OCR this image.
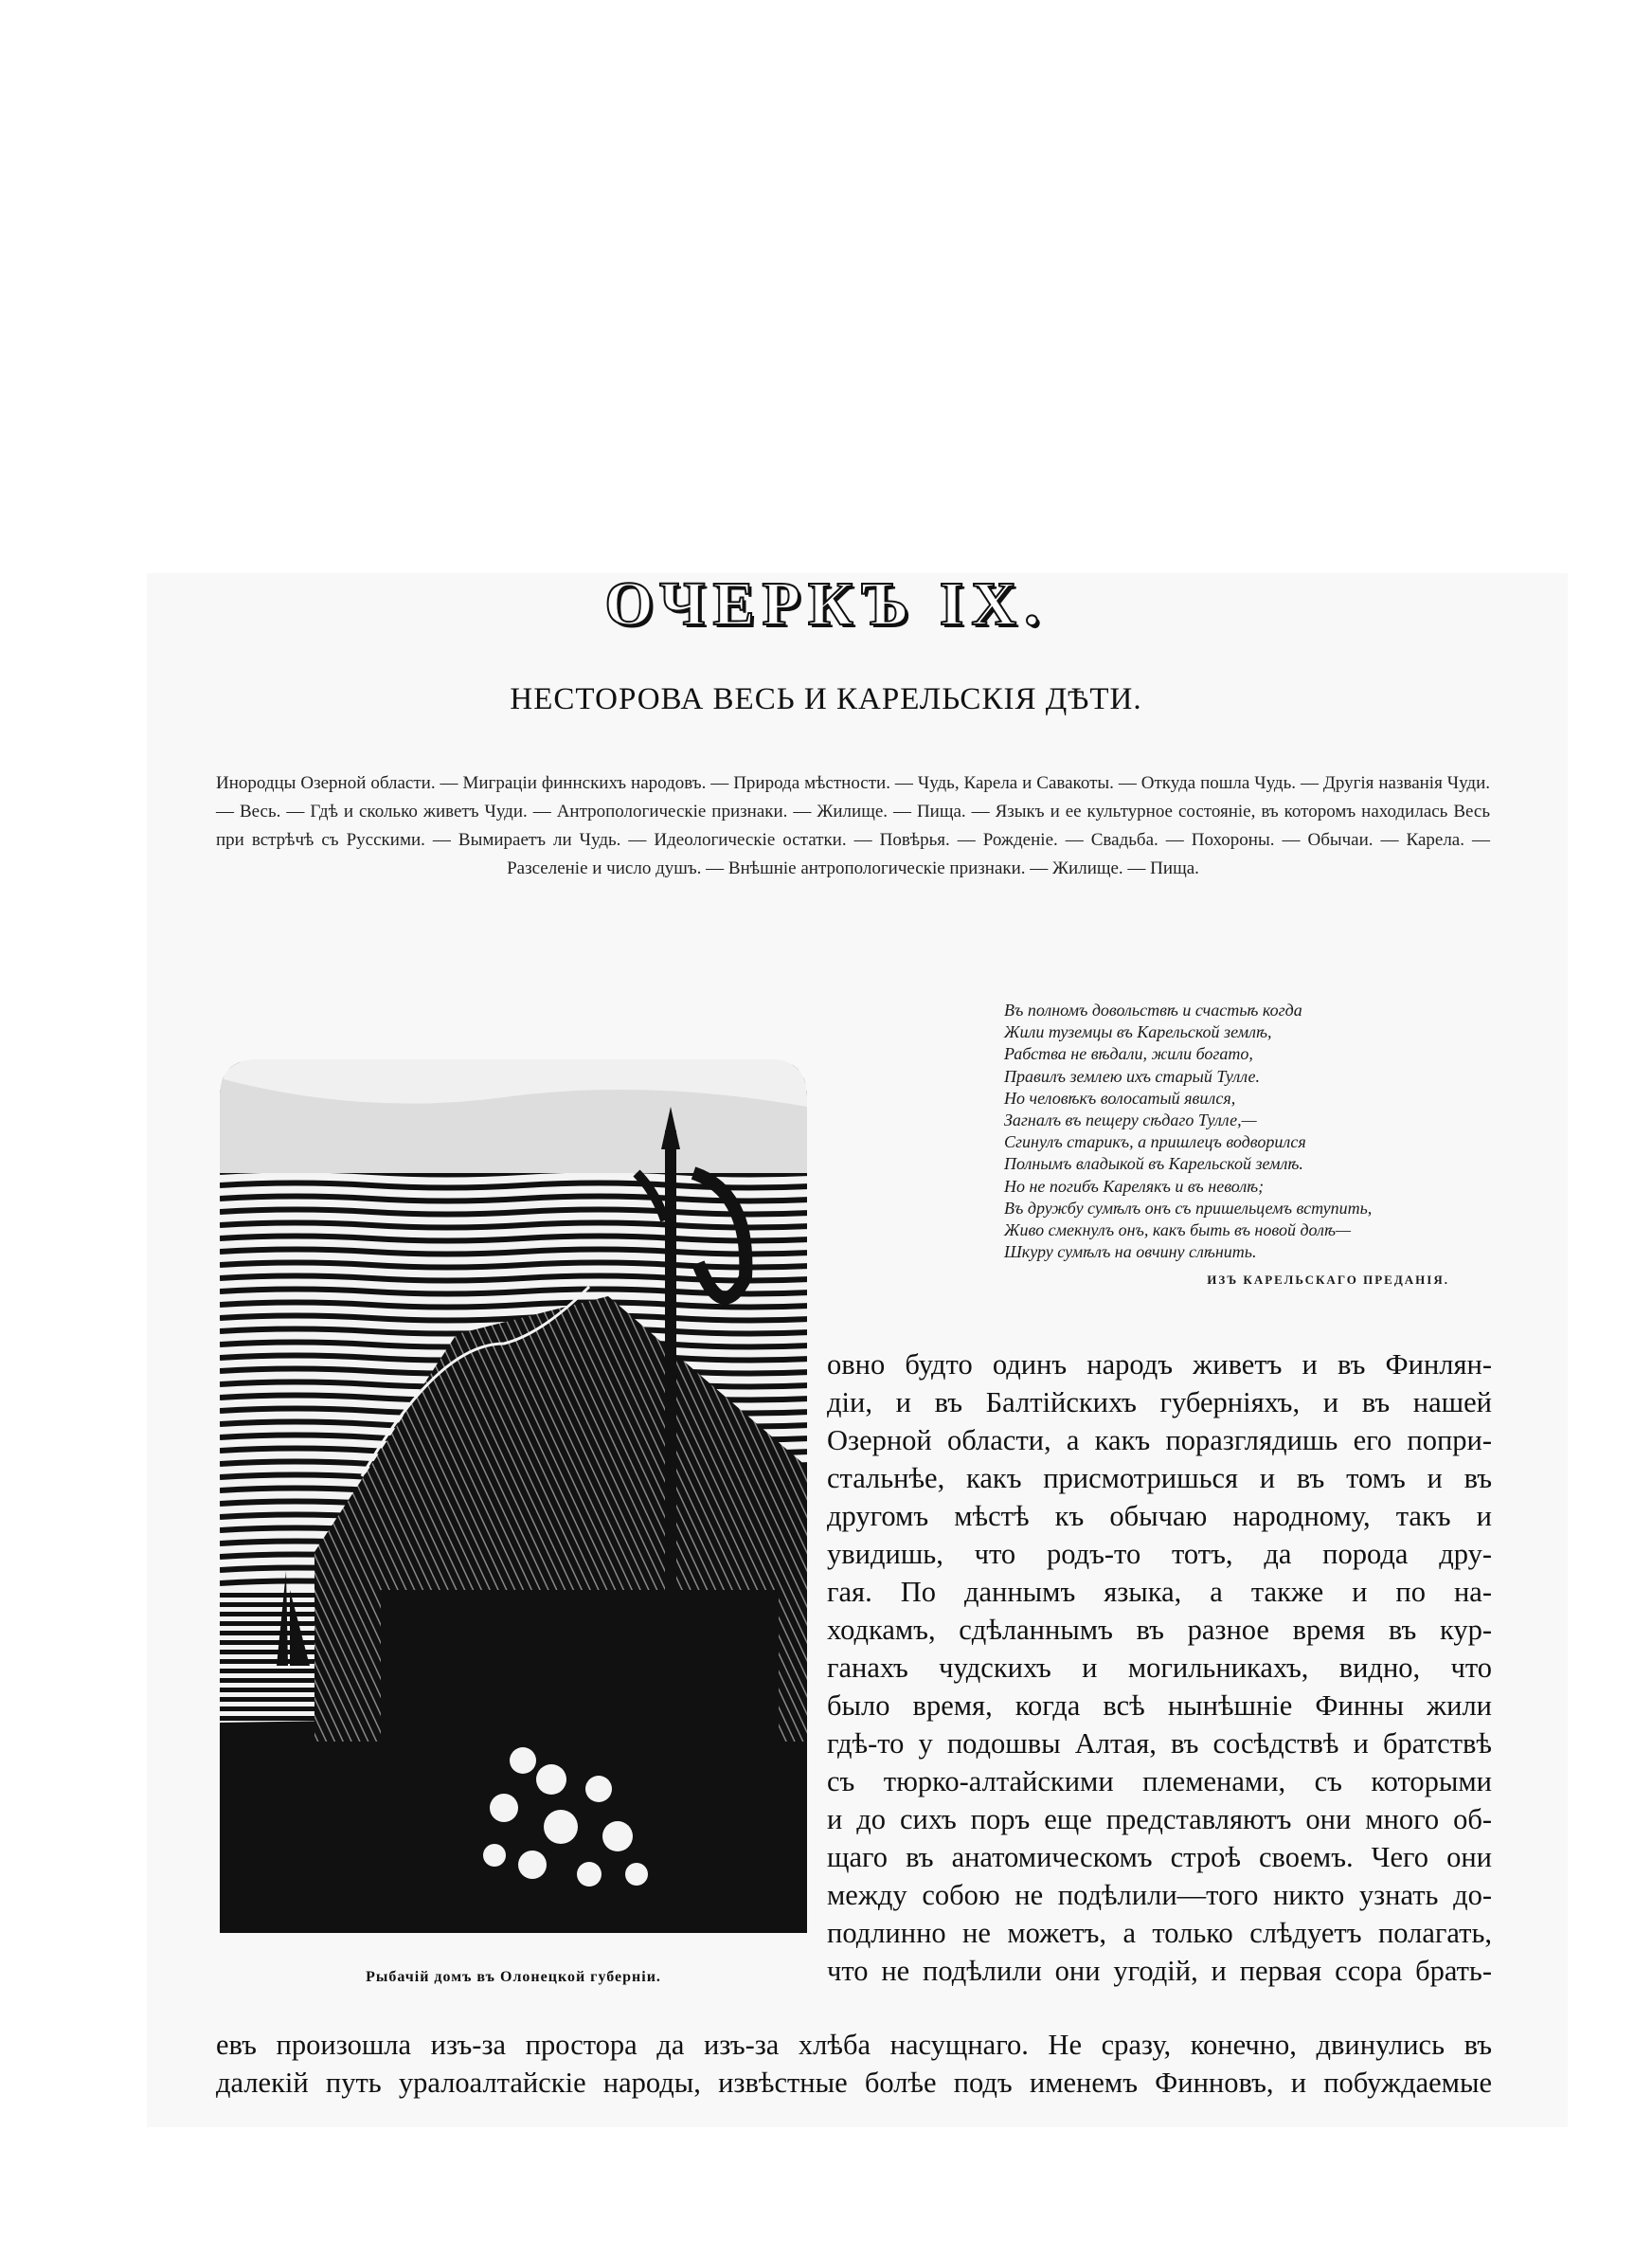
ОЧЕРКЪ IX.
НЕСТОРОВА ВЕСЬ И КАРЕЛЬСКІЯ ДѢТИ.
Инородцы Озерной области. — Миграціи финнскихъ народовъ. — Природа мѣстности. — Чудь, Карела и Савакоты. — Откуда пошла Чудь. — Другія названія Чуди. — Весь. — Гдѣ и сколько живетъ Чуди. — Антропологическіе признаки. — Жилище. — Пища. — Языкъ и ее культурное состояніе, въ которомъ находилась Весь при встрѣчѣ съ Русскими. — Вымираетъ ли Чудь. — Идеологическіе остатки. — Повѣрья. — Рожденіе. — Свадьба. — Похороны. — Обычаи. — Карела. — Разселеніе и число душъ. — Внѣшніе антропологическіе признаки. — Жилище. — Пища.
Въ полномъ довольствѣ и счастьѣ когда
Жили туземцы въ Карельской землѣ,
Рабства не вѣдали, жили богато,
Правилъ землею ихъ старый Тулле.
Но человѣкъ волосатый явился,
Загналъ въ пещеру сѣдаго Тулле,—
Сгинулъ старикъ, а пришлецъ водворился
Полнымъ владыкой въ Карельской землѣ.
Но не погибъ Карелякъ и въ неволѣ;
Въ дружбу сумѣлъ онъ съ пришельцемъ вступить,
Живо смекнулъ онъ, какъ быть въ новой долѣ—
Шкуру сумѣлъ на овчину слѣнить.
ИЗЪ КАРЕЛЬСКАГО ПРЕДАНІЯ.
Рыбачій домъ въ Олонецкой губерніи.
овно будто одинъ народъ живетъ и въ Финлян-
діи, и въ Балтійскихъ губерніяхъ, и въ нашей
Озерной области, а какъ поразглядишь его попри-
стальнѣе, какъ присмотришься и въ томъ и въ
другомъ мѣстѣ къ обычаю народному, такъ и
увидишь, что родъ-то тотъ, да порода дру-
гая. По даннымъ языка, а также и по на-
ходкамъ, сдѣланнымъ въ разное время въ кур-
ганахъ чудскихъ и могильникахъ, видно, что
было время, когда всѣ нынѣшніе Финны жили
гдѣ-то у подошвы Алтая, въ сосѣдствѣ и братствѣ
съ тюрко-алтайскими племенами, съ которыми
и до сихъ поръ еще представляютъ они много об-
щаго въ анатомическомъ строѣ своемъ. Чего они
между собою не подѣлили—того никто узнать до-
подлинно не можетъ, а только слѣдуетъ полагать,
что не подѣлили они угодій, и первая ссора брать-
евъ произошла изъ-за простора да изъ-за хлѣба насущнаго. Не сразу, конечно, двинулись въ
далекій путь уралоалтайскіе народы, извѣстные болѣе подъ именемъ Финновъ, и побуждаемые
